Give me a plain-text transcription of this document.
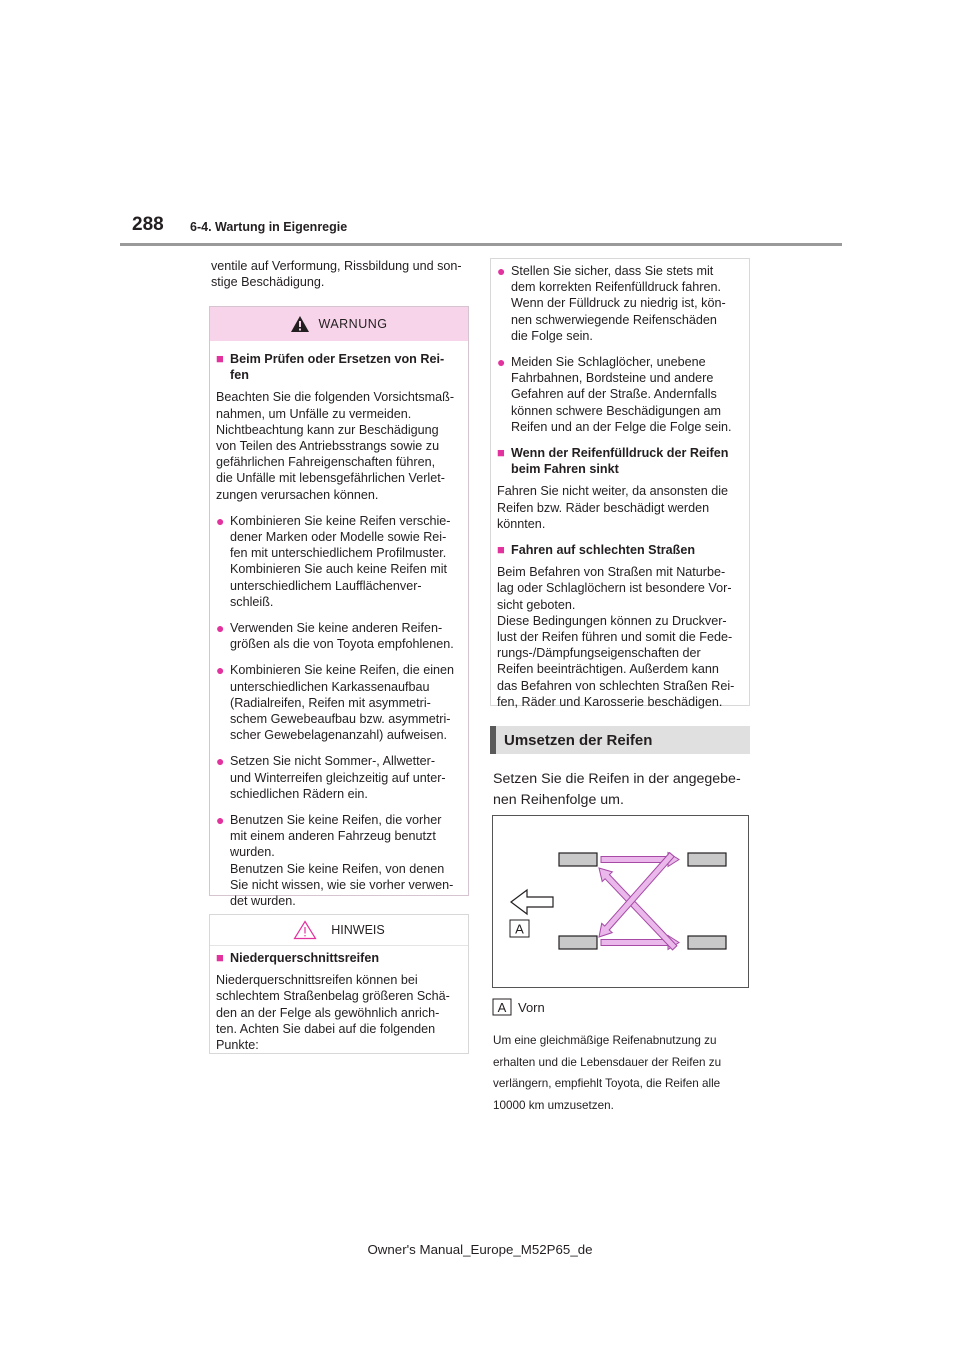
288 6-4. Wartung in Eigenregie
ventile auf Verformung, Rissbildung und son-
stige Beschädigung.
WARNUNG
■ Beim Prüfen oder Ersetzen von Rei-
fen
Beachten Sie die folgenden Vorsichtsmaß-
nahmen, um Unfälle zu vermeiden.
Nichtbeachtung kann zur Beschädigung
von Teilen des Antriebsstrangs sowie zu
gefährlichen Fahreigenschaften führen,
die Unfälle mit lebensgefährlichen Verlet-
zungen verursachen können.
● Kombinieren Sie keine Reifen verschie-
dener Marken oder Modelle sowie Rei-
fen mit unterschiedlichem Profilmuster.
Kombinieren Sie auch keine Reifen mit
unterschiedlichem Laufflächenver-
schleiß.
● Verwenden Sie keine anderen Reifen-
größen als die von Toyota empfohlenen.
● Kombinieren Sie keine Reifen, die einen
unterschiedlichen Karkassenaufbau
(Radialreifen, Reifen mit asymmetri-
schem Gewebeaufbau bzw. asymmetri-
scher Gewebelagenanzahl) aufweisen.
● Setzen Sie nicht Sommer-, Allwetter-
und Winterreifen gleichzeitig auf unter-
schiedlichen Rädern ein.
● Benutzen Sie keine Reifen, die vorher
mit einem anderen Fahrzeug benutzt
wurden.
Benutzen Sie keine Reifen, von denen
Sie nicht wissen, wie sie vorher verwen-
det wurden.
HINWEIS
■ Niederquerschnittsreifen
Niederquerschnittsreifen können bei
schlechtem Straßenbelag größeren Schä-
den an der Felge als gewöhnlich anrich-
ten. Achten Sie dabei auf die folgenden
Punkte:
● Stellen Sie sicher, dass Sie stets mit
dem korrekten Reifenfülldruck fahren.
Wenn der Fülldruck zu niedrig ist, kön-
nen schwerwiegende Reifenschäden
die Folge sein.
● Meiden Sie Schlaglöcher, unebene
Fahrbahnen, Bordsteine und andere
Gefahren auf der Straße. Andernfalls
können schwere Beschädigungen am
Reifen und an der Felge die Folge sein.
■ Wenn der Reifenfülldruck der Reifen
beim Fahren sinkt
Fahren Sie nicht weiter, da ansonsten die
Reifen bzw. Räder beschädigt werden
könnten.
■ Fahren auf schlechten Straßen
Beim Befahren von Straßen mit Naturbe-
lag oder Schlaglöchern ist besondere Vor-
sicht geboten.
Diese Bedingungen können zu Druckver-
lust der Reifen führen und somit die Fede-
rungs-/Dämpfungseigenschaften der
Reifen beeinträchtigen. Außerdem kann
das Befahren von schlechten Straßen Rei-
fen, Räder und Karosserie beschädigen.
Umsetzen der Reifen
Setzen Sie die Reifen in der angegebe-
nen Reihenfolge um.
A
A Vorn
Um eine gleichmäßige Reifenabnutzung zu
erhalten und die Lebensdauer der Reifen zu
verlängern, empfiehlt Toyota, die Reifen alle
10000 km umzusetzen.
Owner's Manual_Europe_M52P65_de
